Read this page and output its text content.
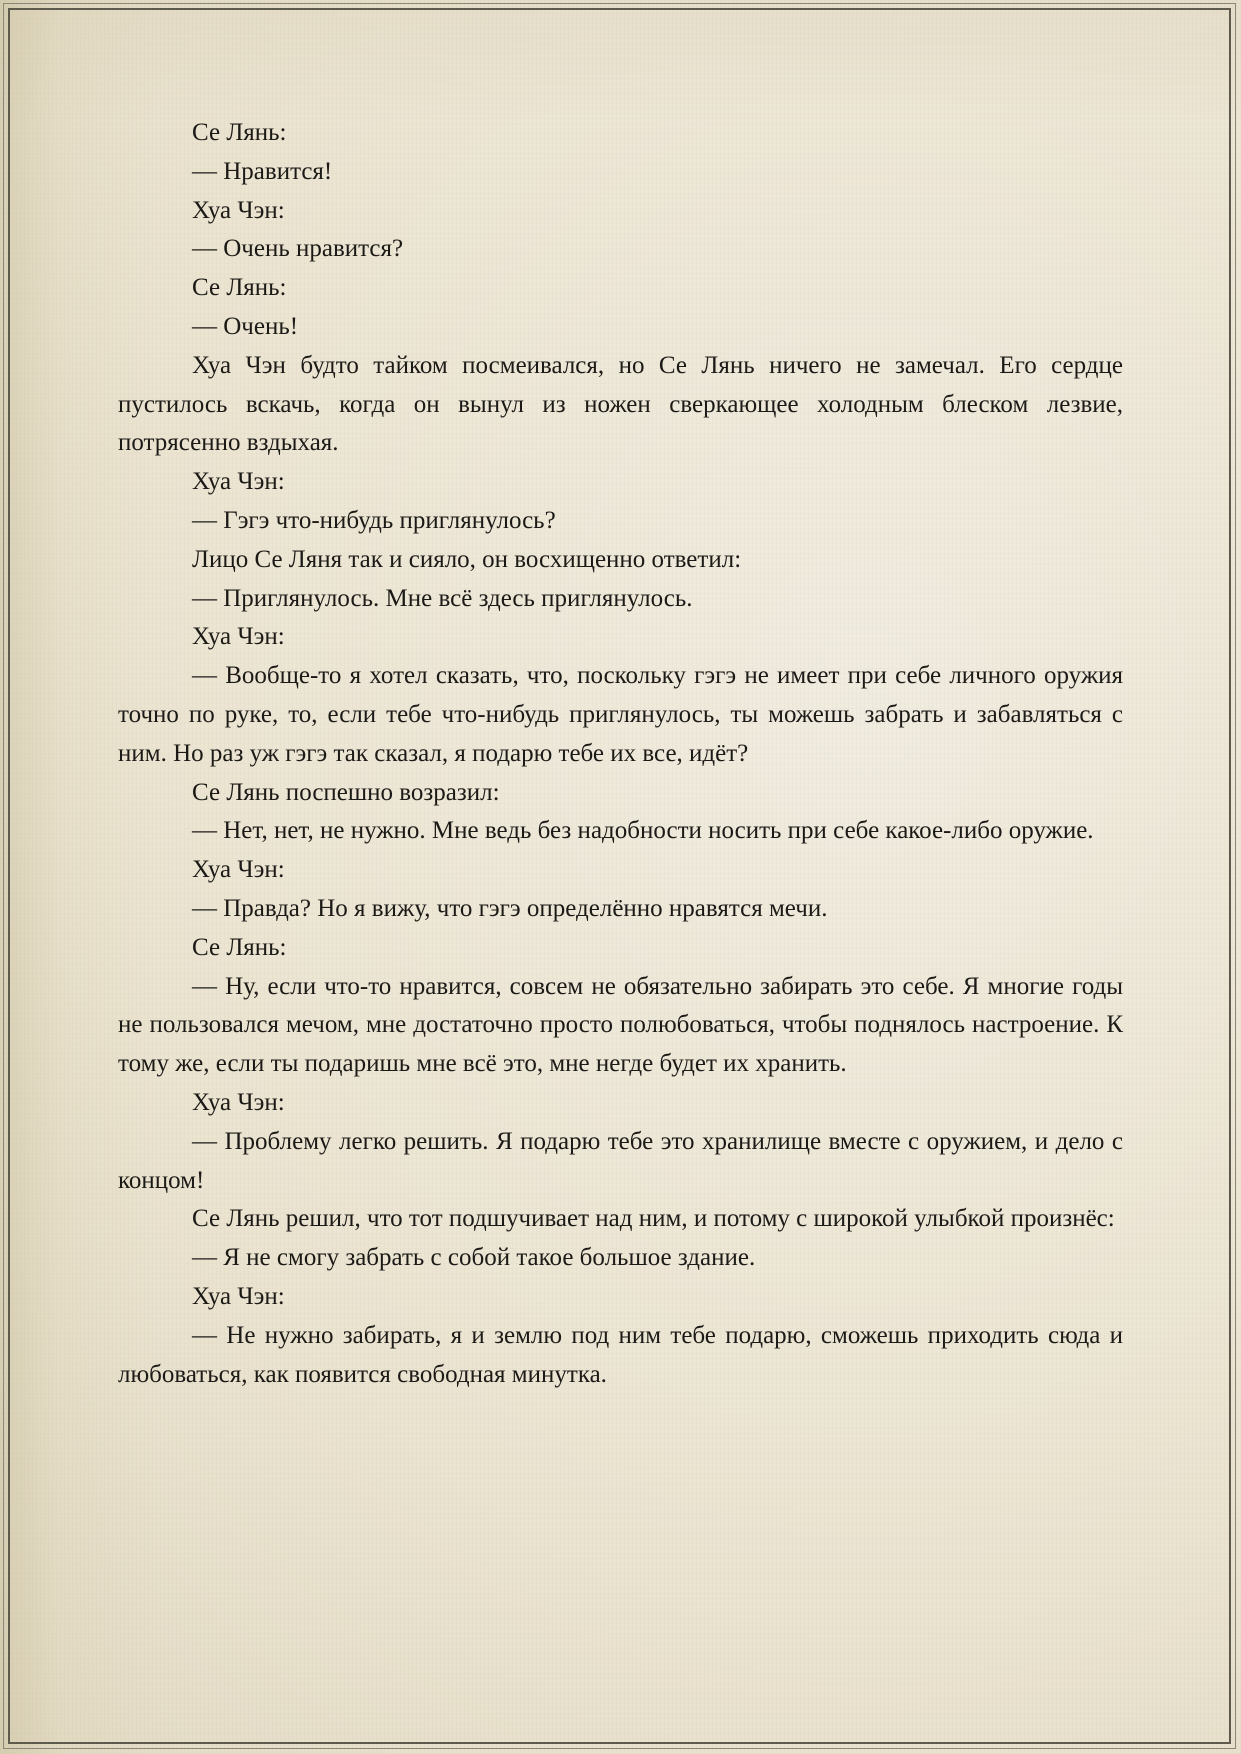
Се Лянь:

— Нравится!

Хуа Чэн:

— Очень нравится?

Се Лянь:

— Очень!

Хуа Чэн будто тайком посмеивался, но Се Лянь ничего не замечал. Его сердце пустилось вскачь, когда он вынул из ножен сверкающее холодным блеском лезвие, потрясенно вздыхая.

Хуа Чэн:

— Гэгэ что-нибудь приглянулось?

Лицо Се Ляня так и сияло, он восхищенно ответил:

— Приглянулось. Мне всё здесь приглянулось.

Хуа Чэн:

— Вообще-то я хотел сказать, что, поскольку гэгэ не имеет при себе личного оружия точно по руке, то, если тебе что-нибудь приглянулось, ты можешь забрать и забавляться с ним. Но раз уж гэгэ так сказал, я подарю тебе их все, идёт?

Се Лянь поспешно возразил:

— Нет, нет, не нужно. Мне ведь без надобности носить при себе какое-либо оружие.

Хуа Чэн:

— Правда? Но я вижу, что гэгэ определённо нравятся мечи.

Се Лянь:

— Ну, если что-то нравится, совсем не обязательно забирать это себе. Я многие годы не пользовался мечом, мне достаточно просто полюбоваться, чтобы поднялось настроение. К тому же, если ты подаришь мне всё это, мне негде будет их хранить.

Хуа Чэн:

— Проблему легко решить. Я подарю тебе это хранилище вместе с оружием, и дело с концом!

Се Лянь решил, что тот подшучивает над ним, и потому с широкой улыбкой произнёс:

— Я не смогу забрать с собой такое большое здание.

Хуа Чэн:

— Не нужно забирать, я и землю под ним тебе подарю, сможешь приходить сюда и любоваться, как появится свободная минутка.
